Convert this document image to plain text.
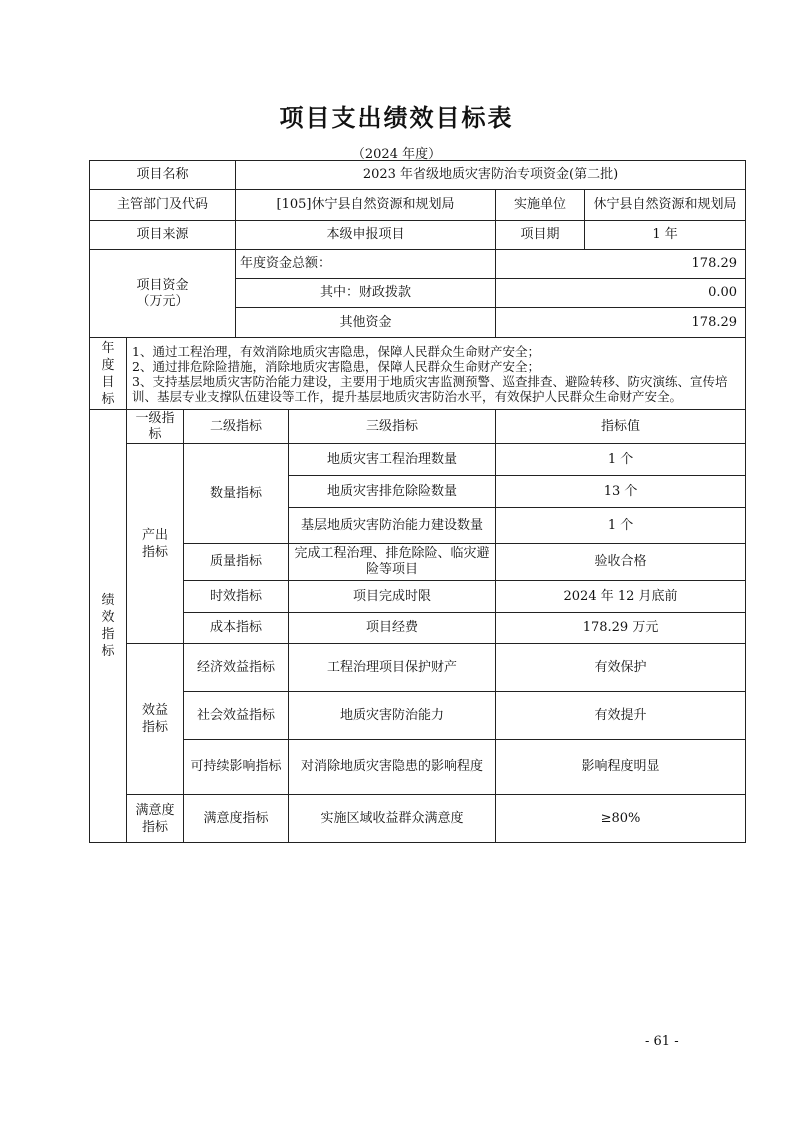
项目支出绩效目标表
（2024 年度）
项目名称			2023 年省级地质灾害防治专项资金(第二批)			
主管部门及代码			[105]休宁县自然资源和规划局		实施单位	休宁县自然资源和规划局
项目来源			本级申报项目		项目期	1 年

项目资金
（万元）			年度资金总额：		178.29	
			其中：财政拨款		0.00	
			其他资金		178.29	
年度目标	1、通过工程治理，有效消除地质灾害隐患，保障人民群众生命财产安全；
2、通过排危除险措施，消除地质灾害隐患，保障人民群众生命财产安全；
3、支持基层地质灾害防治能力建设，主要用于地质灾害监测预警、巡查排查、避险转移、防灾演练、宣传培
训、基层专业支撑队伍建设等工作，提升基层地质灾害防治水平，有效保护人民群众生命财产安全。					

绩效指标	一级指标	二级指标		三级指标	指标值	
	产出指标	数量指标		地质灾害工程治理数量	1 个	
				地质灾害排危除险数量	13 个	
				基层地质灾害防治能力建设数量	1 个	
		质量指标		完成工程治理、排危除险、临灾避险等项目	验收合格	
		时效指标		项目完成时限	2024 年 12 月底前	
		成本指标		项目经费	178.29 万元	
	效益指标	经济效益指标		工程治理项目保护财产	有效保护	
		社会效益指标		地质灾害防治能力	有效提升	
		可持续影响指标		对消除地质灾害隐患的影响程度	影响程度明显	
	满意度指标	满意度指标		实施区域收益群众满意度	≥80%	
- 61 -
